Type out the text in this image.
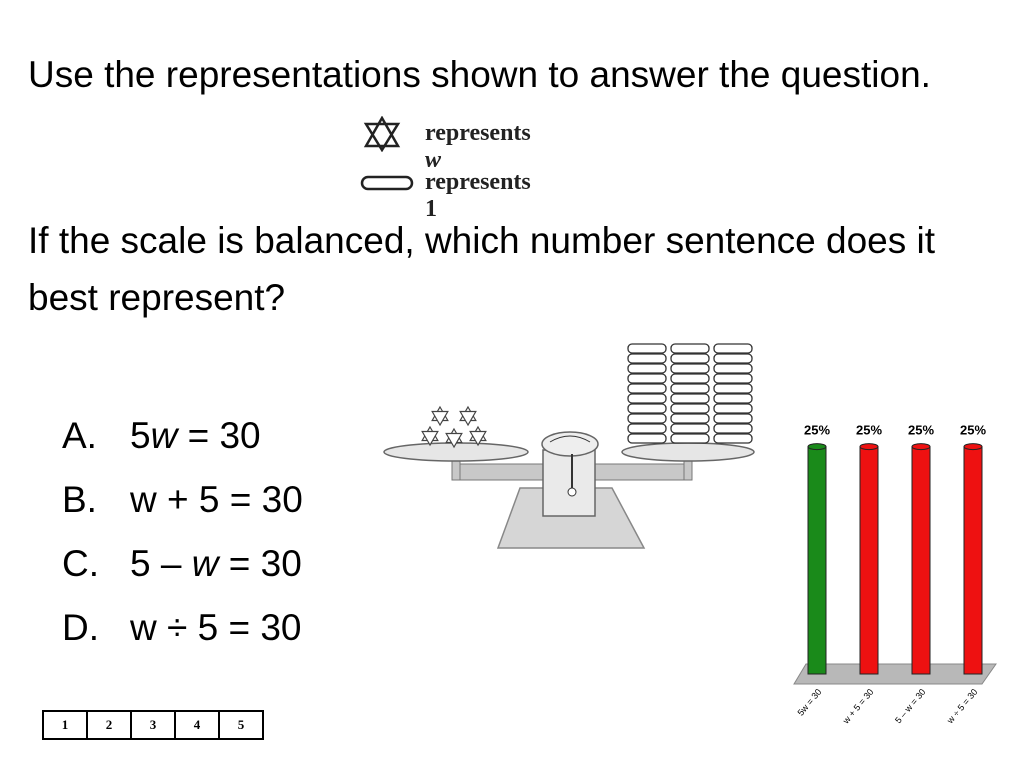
Use the representations shown to answer the question.
If the scale is balanced, which number sentence does it best represent?
represents w
represents 1
A. 5w = 30
B. w + 5 = 30
C. 5 – w = 30
D. w ÷ 5 = 30
1	2	3	4	5
25% 25% 25% 25%
5w = 30 w + 5 = 30 5 – w = 30 w ÷ 5 = 30
